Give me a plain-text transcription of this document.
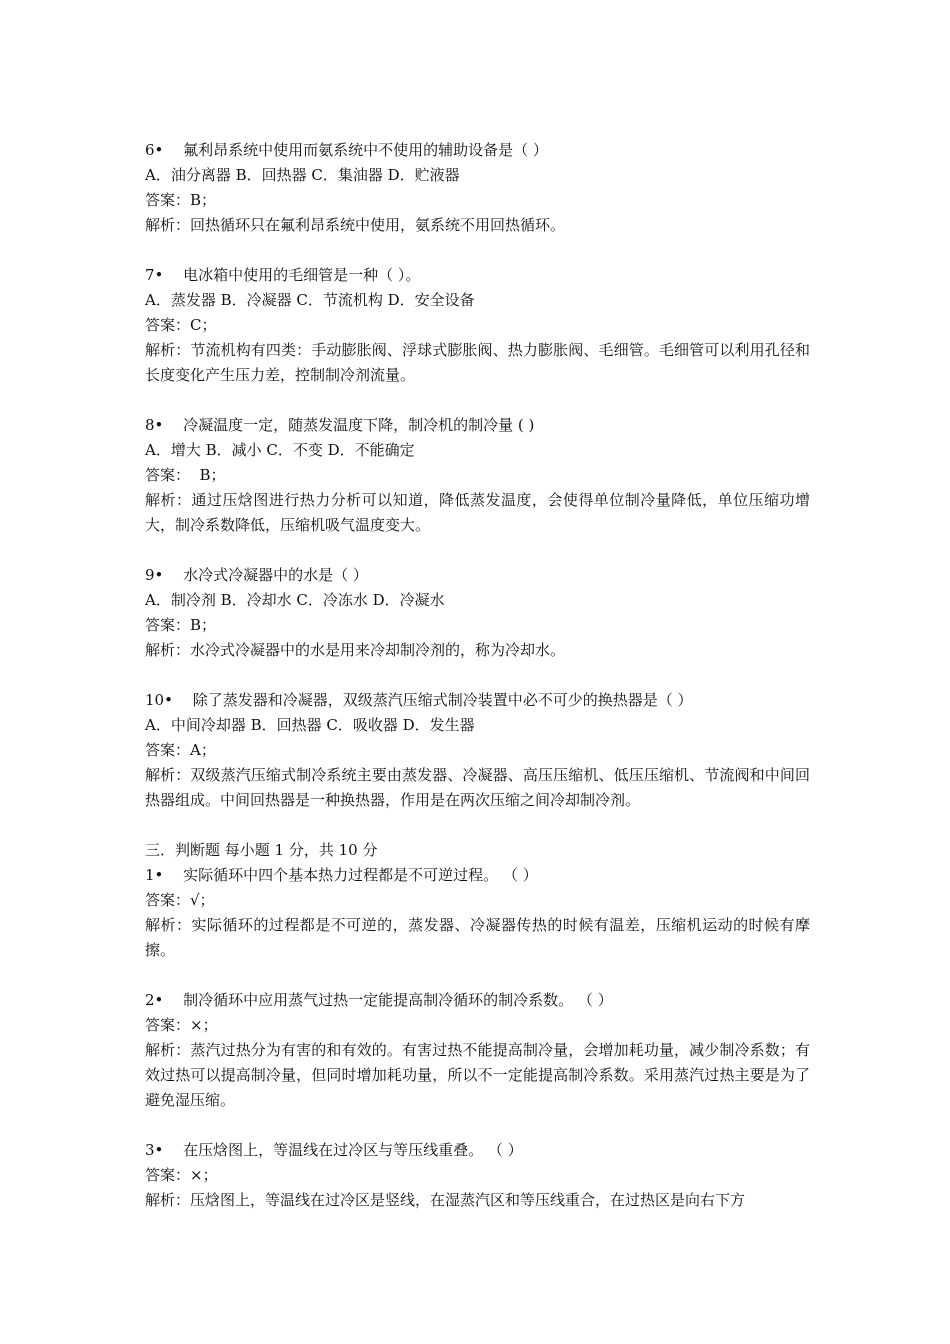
6•　 氟利昂系统中使用而氨系统中不使用的辅助设备是（ ）
A．油分离器 B．回热器 C．集油器 D．贮液器
答案：B；
解析：回热循环只在氟利昂系统中使用，氨系统不用回热循环。
7•　 电冰箱中使用的毛细管是一种（ ）。
A．蒸发器 B．冷凝器 C．节流机构 D．安全设备
答案：C；
解析：节流机构有四类：手动膨胀阀、浮球式膨胀阀、热力膨胀阀、毛细管。毛细管可以利用孔径和长度变化产生压力差，控制制冷剂流量。
8•　 冷凝温度一定，随蒸发温度下降，制冷机的制冷量 ( )
A．增大 B．减小 C．不变 D．不能确定
答案：  B；
解析：通过压焓图进行热力分析可以知道，降低蒸发温度，会使得单位制冷量降低，单位压缩功增大，制冷系数降低，压缩机吸气温度变大。
9•　 水冷式冷凝器中的水是（ ）
A．制冷剂 B．冷却水 C．冷冻水 D．冷凝水
答案：B；
解析：水冷式冷凝器中的水是用来冷却制冷剂的，称为冷却水。
10•　 除了蒸发器和冷凝器，双级蒸汽压缩式制冷装置中必不可少的换热器是（ ）
A．中间冷却器 B．回热器 C．吸收器 D．发生器
答案：A；
解析：双级蒸汽压缩式制冷系统主要由蒸发器、冷凝器、高压压缩机、低压压缩机、节流阀和中间回热器组成。中间回热器是一种换热器，作用是在两次压缩之间冷却制冷剂。
三．判断题 每小题 1 分，共 10 分
1•　 实际循环中四个基本热力过程都是不可逆过程。 （ ）
答案：√；
解析：实际循环的过程都是不可逆的，蒸发器、冷凝器传热的时候有温差，压缩机运动的时候有摩擦。
2•　 制冷循环中应用蒸气过热一定能提高制冷循环的制冷系数。 （ ）
答案：×；
解析：蒸汽过热分为有害的和有效的。有害过热不能提高制冷量，会增加耗功量，减少制冷系数；有效过热可以提高制冷量，但同时增加耗功量，所以不一定能提高制冷系数。采用蒸汽过热主要是为了避免湿压缩。
3•　 在压焓图上，等温线在过冷区与等压线重叠。 （ ）
答案：×；
解析：压焓图上，等温线在过冷区是竖线，在湿蒸汽区和等压线重合，在过热区是向右下方
